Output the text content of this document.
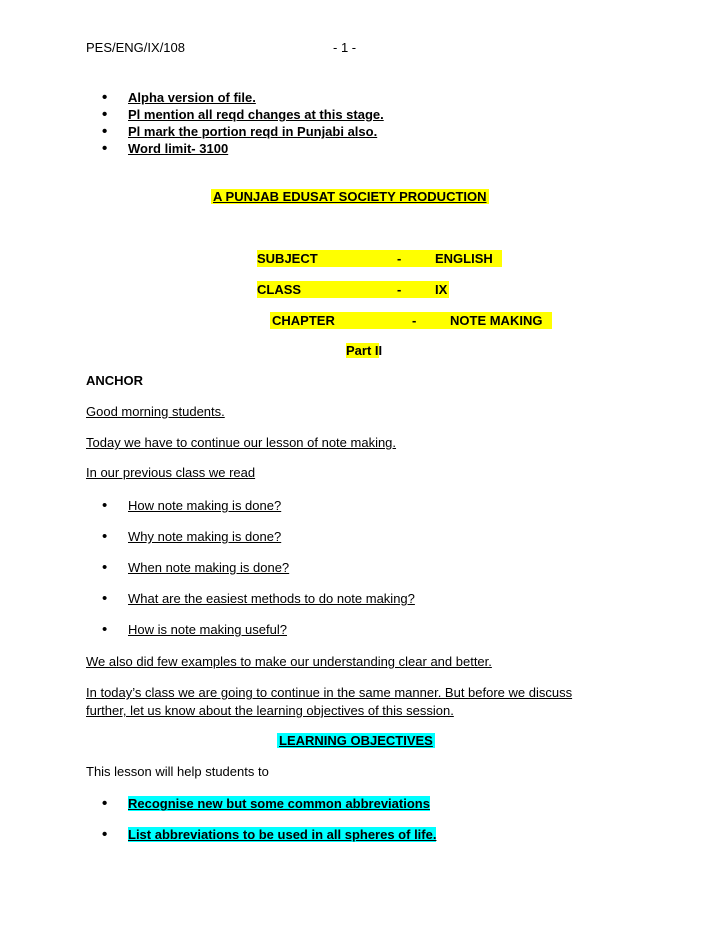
PES/ENG/IX/108	- 1 -
• Alpha version of file.
• Pl mention all reqd changes at this stage.
• Pl mark the portion reqd in Punjabi also.
• Word limit- 3100
A PUNJAB EDUSAT SOCIETY PRODUCTION
SUBJECT	-	ENGLISH
CLASS	-	IX
CHAPTER	-	NOTE MAKING
Part II
ANCHOR
Good morning students.
Today we have to continue our lesson of note making.
In our previous class we read
• How note making is done?
• Why note making is done?
• When note making is done?
• What are the easiest methods to do note making?
• How is note making useful?
We also did few examples to make our understanding clear and better.
In today’s class we are going to continue in the same manner. But before we discuss
further, let us know about the learning objectives of this session.
LEARNING OBJECTIVES
This lesson will help students to
• Recognise new but some common abbreviations
• List abbreviations to be used in all spheres of life.
